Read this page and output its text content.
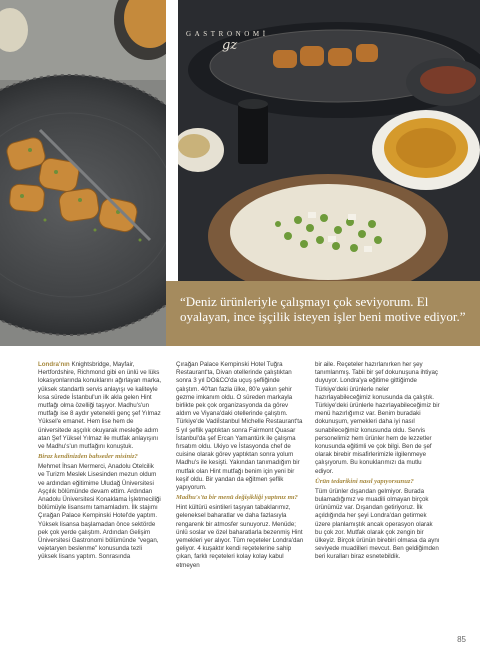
GASTRONOMİ
gz

“Deniz ürünleriyle çalışmayı çok seviyorum. El oyalayan, ince işçilik isteyen işler beni motive ediyor.”

Londra'nın Knightsbridge, Mayfair, Hertfordshire, Richmond gibi en ünlü ve lüks lokasyonlarında konuklarını ağırlayan marka, yüksek standartlı servis anlayışı ve kaliteyle kısa sürede İstanbul'un ilk akla gelen Hint mutfağı olma özelliği taşıyor. Madhu's'un mutfağı ise 8 aydır yetenekli genç şef Yılmaz Yüksel'e emanet. Hem lise hem de üniversitede aşçılık okuyarak mesleğe adım atan Şef Yüksel Yılmaz ile mutfak anlayışını ve Madhu's'un mutfağını konuştuk.

Biraz kendinizden bahseder misiniz?

Mehmet İhsan Mermerci, Anadolu Otelcilik ve Turizm Meslek Lisesinden mezun oldum ve ardından eğitimime Uludağ Üniversitesi Aşçılık bölümünde devam ettim. Ardından Anadolu Üniversitesi Konaklama İşletmeciliği bölümüyle lisansımı tamamladım. İlk stajımı Çırağan Palace Kempinski Hotel'de yaptım. Yüksek lisansa başlamadan önce sektörde pek çok yerde çalıştım. Ardından Gelişim Üniversitesi Gastronomi bölümünde "vegan, vejetaryen beslenme" konusunda tezli yüksek lisans yaptım. Sonrasında

Çırağan Palace Kempinski Hotel Tuğra Restaurant'ta, Divan otellerinde çalıştıktan sonra 3 yıl DO&CO'da uçuş şefliğinde çalıştım. 40'tan fazla ülke, 80'e yakın şehir gezme imkanım oldu. O süreden markayla birlikte pek çok organizasyonda da görev aldım ve Viyana'daki otellerinde çalıştım. Türkiye'de Vadiİstanbul Michelle Restaurant'ta 5 yıl şeflik yaptıktan sonra Fairmont Quasar İstanbul'da şef Ercan Yamantürk ile çalışma fırsatım oldu. Ukiyo ve İstasyonda chef de cuisine olarak görev yaptıktan sonra yolum Madhu's ile kesişti. Yakından tanımadığım bir mutfak olan Hint mutfağı benim için yeni bir keşif oldu. Bir yandan da eğitmen şeflik yapıyorum.

Madhu's'ta bir menü değişikliği yaptınız mı?

Hint kültürü esintileri taşıyan tabaklarımız, geleneksel baharatlar ve daha fazlasıyla rengarenk bir atmosfer sunuyoruz. Menüde; ünlü soslar ve özel baharatlarla bezenmiş Hint yemekleri yer alıyor. Tüm reçeteler Londra'dan geliyor. 4 kuşaktır kendi reçetelerine sahip çıkan, farklı reçeteleri kolay kolay kabul etmeyen

bir aile. Reçeteler hazırlanırken her şey tanımlanmış. Tabii bir şef dokunuşuna ihtiyaç duyuyor. Londra'ya eğitime gittiğimde Türkiye'deki ürünlerle neler hazırlayabileceğimiz konusunda da çalıştık. Türkiye'deki ürünlerle hazırlayabileceğimiz bir menü hazırlığımız var. Benim buradaki dokunuşum, yemekleri daha iyi nasıl sunabileceğimiz konusunda oldu. Servis personelimiz hem ürünler hem de lezzetler konusunda eğitimli ve çok bilgi. Ben de şef olarak birebir misafirlerimizle ilgilenmeye çalışıyorum. Bu konuklarımızı da mutlu ediyor.

Ürün tedarikini nasıl yapıyorsunuz?

Tüm ürünler dışarıdan gelmiyor. Burada bulamadığımız ve muadili olmayan birçok ürünümüz var. Dışarıdan getiriyoruz. İlk açıldığında her şeyi Londra'dan getirmek üzere planlamıştık ancak operasyon olarak bu çok zor. Mutfak olarak çok zengin bir ülkeyiz. Birçok ürünün birebiri olmasa da aynı seviyede muadilleri mevcut. Ben geldiğimden beri kuralları biraz esnetebildik.

85
